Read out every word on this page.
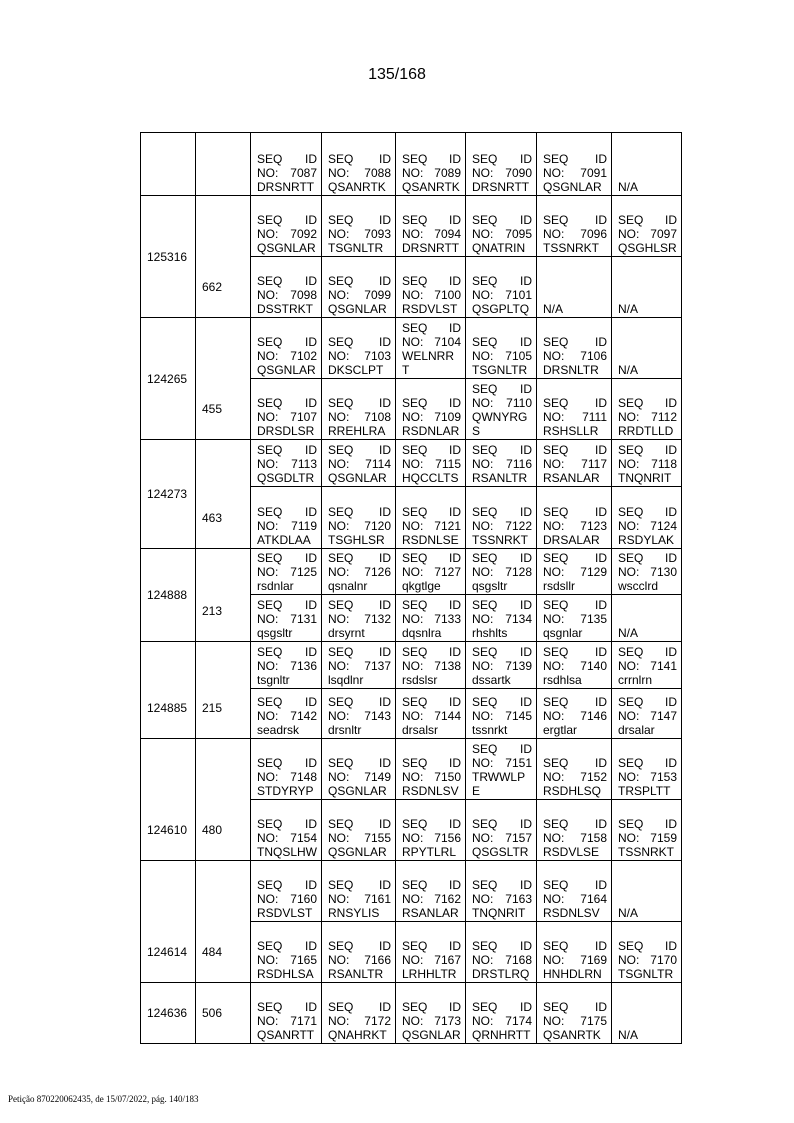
135/168
		SEQ ID NO: 7087 DRSNRTT	SEQ ID NO: 7088 QSANRTK	SEQ ID NO: 7089 QSANRTK	SEQ ID NO: 7090 DRSNRTT	SEQ ID NO: 7091 QSGNLAR	N/A
125316	662	SEQ ID NO: 7092 QSGNLAR	SEQ ID NO: 7093 TSGNLTR	SEQ ID NO: 7094 DRSNRTT	SEQ ID NO: 7095 QNATRIN	SEQ ID NO: 7096 TSSNRKT	SEQ ID NO: 7097 QSGHLSR
SEQ ID NO: 7098 DSSTRKT	SEQ ID NO: 7099 QSGNLAR	SEQ ID NO: 7100 RSDVLST	SEQ ID NO: 7101 QSGPLTQ	N/A	N/A
124265	455	SEQ ID NO: 7102 QSGNLAR	SEQ ID NO: 7103 DKSCLPT	SEQ ID NO: 7104 WELNRRT	SEQ ID NO: 7105 TSGNLTR	SEQ ID NO: 7106 DRSNLTR	N/A
SEQ ID NO: 7107 DRSDLSR	SEQ ID NO: 7108 RREHLRA	SEQ ID NO: 7109 RSDNLAR	SEQ ID NO: 7110 QWNYRGS	SEQ ID NO: 7111 RSHSLLR	SEQ ID NO: 7112 RRDTLLD
124273	463	SEQ ID NO: 7113 QSGDLTR	SEQ ID NO: 7114 QSGNLAR	SEQ ID NO: 7115 HQCCLTS	SEQ ID NO: 7116 RSANLTR	SEQ ID NO: 7117 RSANLAR	SEQ ID NO: 7118 TNQNRIT
SEQ ID NO: 7119 ATKDLAA	SEQ ID NO: 7120 TSGHLSR	SEQ ID NO: 7121 RSDNLSE	SEQ ID NO: 7122 TSSNRKT	SEQ ID NO: 7123 DRSALAR	SEQ ID NO: 7124 RSDYLAK
124888	213	SEQ ID NO: 7125 rsdnlar	SEQ ID NO: 7126 qsnalnr	SEQ ID NO: 7127 qkgtlge	SEQ ID NO: 7128 qsgsltr	SEQ ID NO: 7129 rsdsllr	SEQ ID NO: 7130 wscclrd
SEQ ID NO: 7131 qsgsltr	SEQ ID NO: 7132 drsyrnt	SEQ ID NO: 7133 dqsnlra	SEQ ID NO: 7134 rhshlts	SEQ ID NO: 7135 qsgnlar	N/A
124885	215	SEQ ID NO: 7136 tsgnltr	SEQ ID NO: 7137 lsqdlnr	SEQ ID NO: 7138 rsdslsr	SEQ ID NO: 7139 dssartk	SEQ ID NO: 7140 rsdhlsa	SEQ ID NO: 7141 crrnlrn
SEQ ID NO: 7142 seadrsk	SEQ ID NO: 7143 drsnltr	SEQ ID NO: 7144 drsalsr	SEQ ID NO: 7145 tssnrkt	SEQ ID NO: 7146 ergtlar	SEQ ID NO: 7147 drsalar
124610	480	SEQ ID NO: 7148 STDYRYP	SEQ ID NO: 7149 QSGNLAR	SEQ ID NO: 7150 RSDNLSV	SEQ ID NO: 7151 TRWWLPE	SEQ ID NO: 7152 RSDHLSQ	SEQ ID NO: 7153 TRSPLTT
SEQ ID NO: 7154 TNQSLHW	SEQ ID NO: 7155 QSGNLAR	SEQ ID NO: 7156 RPYTLRL	SEQ ID NO: 7157 QSGSLTR	SEQ ID NO: 7158 RSDVLSE	SEQ ID NO: 7159 TSSNRKT
124614	484	SEQ ID NO: 7160 RSDVLST	SEQ ID NO: 7161 RNSYLIS	SEQ ID NO: 7162 RSANLAR	SEQ ID NO: 7163 TNQNRIT	SEQ ID NO: 7164 RSDNLSV	N/A
SEQ ID NO: 7165 RSDHLSA	SEQ ID NO: 7166 RSANLTR	SEQ ID NO: 7167 LRHHLTR	SEQ ID NO: 7168 DRSTLRQ	SEQ ID NO: 7169 HNHDLRN	SEQ ID NO: 7170 TSGNLTR
124636	506	SEQ ID NO: 7171 QSANRTT	SEQ ID NO: 7172 QNAHRKT	SEQ ID NO: 7173 QSGNLAR	SEQ ID NO: 7174 QRNHRTT	SEQ ID NO: 7175 QSANRTK	N/A
Petição 870220062435, de 15/07/2022, pág. 140/183
